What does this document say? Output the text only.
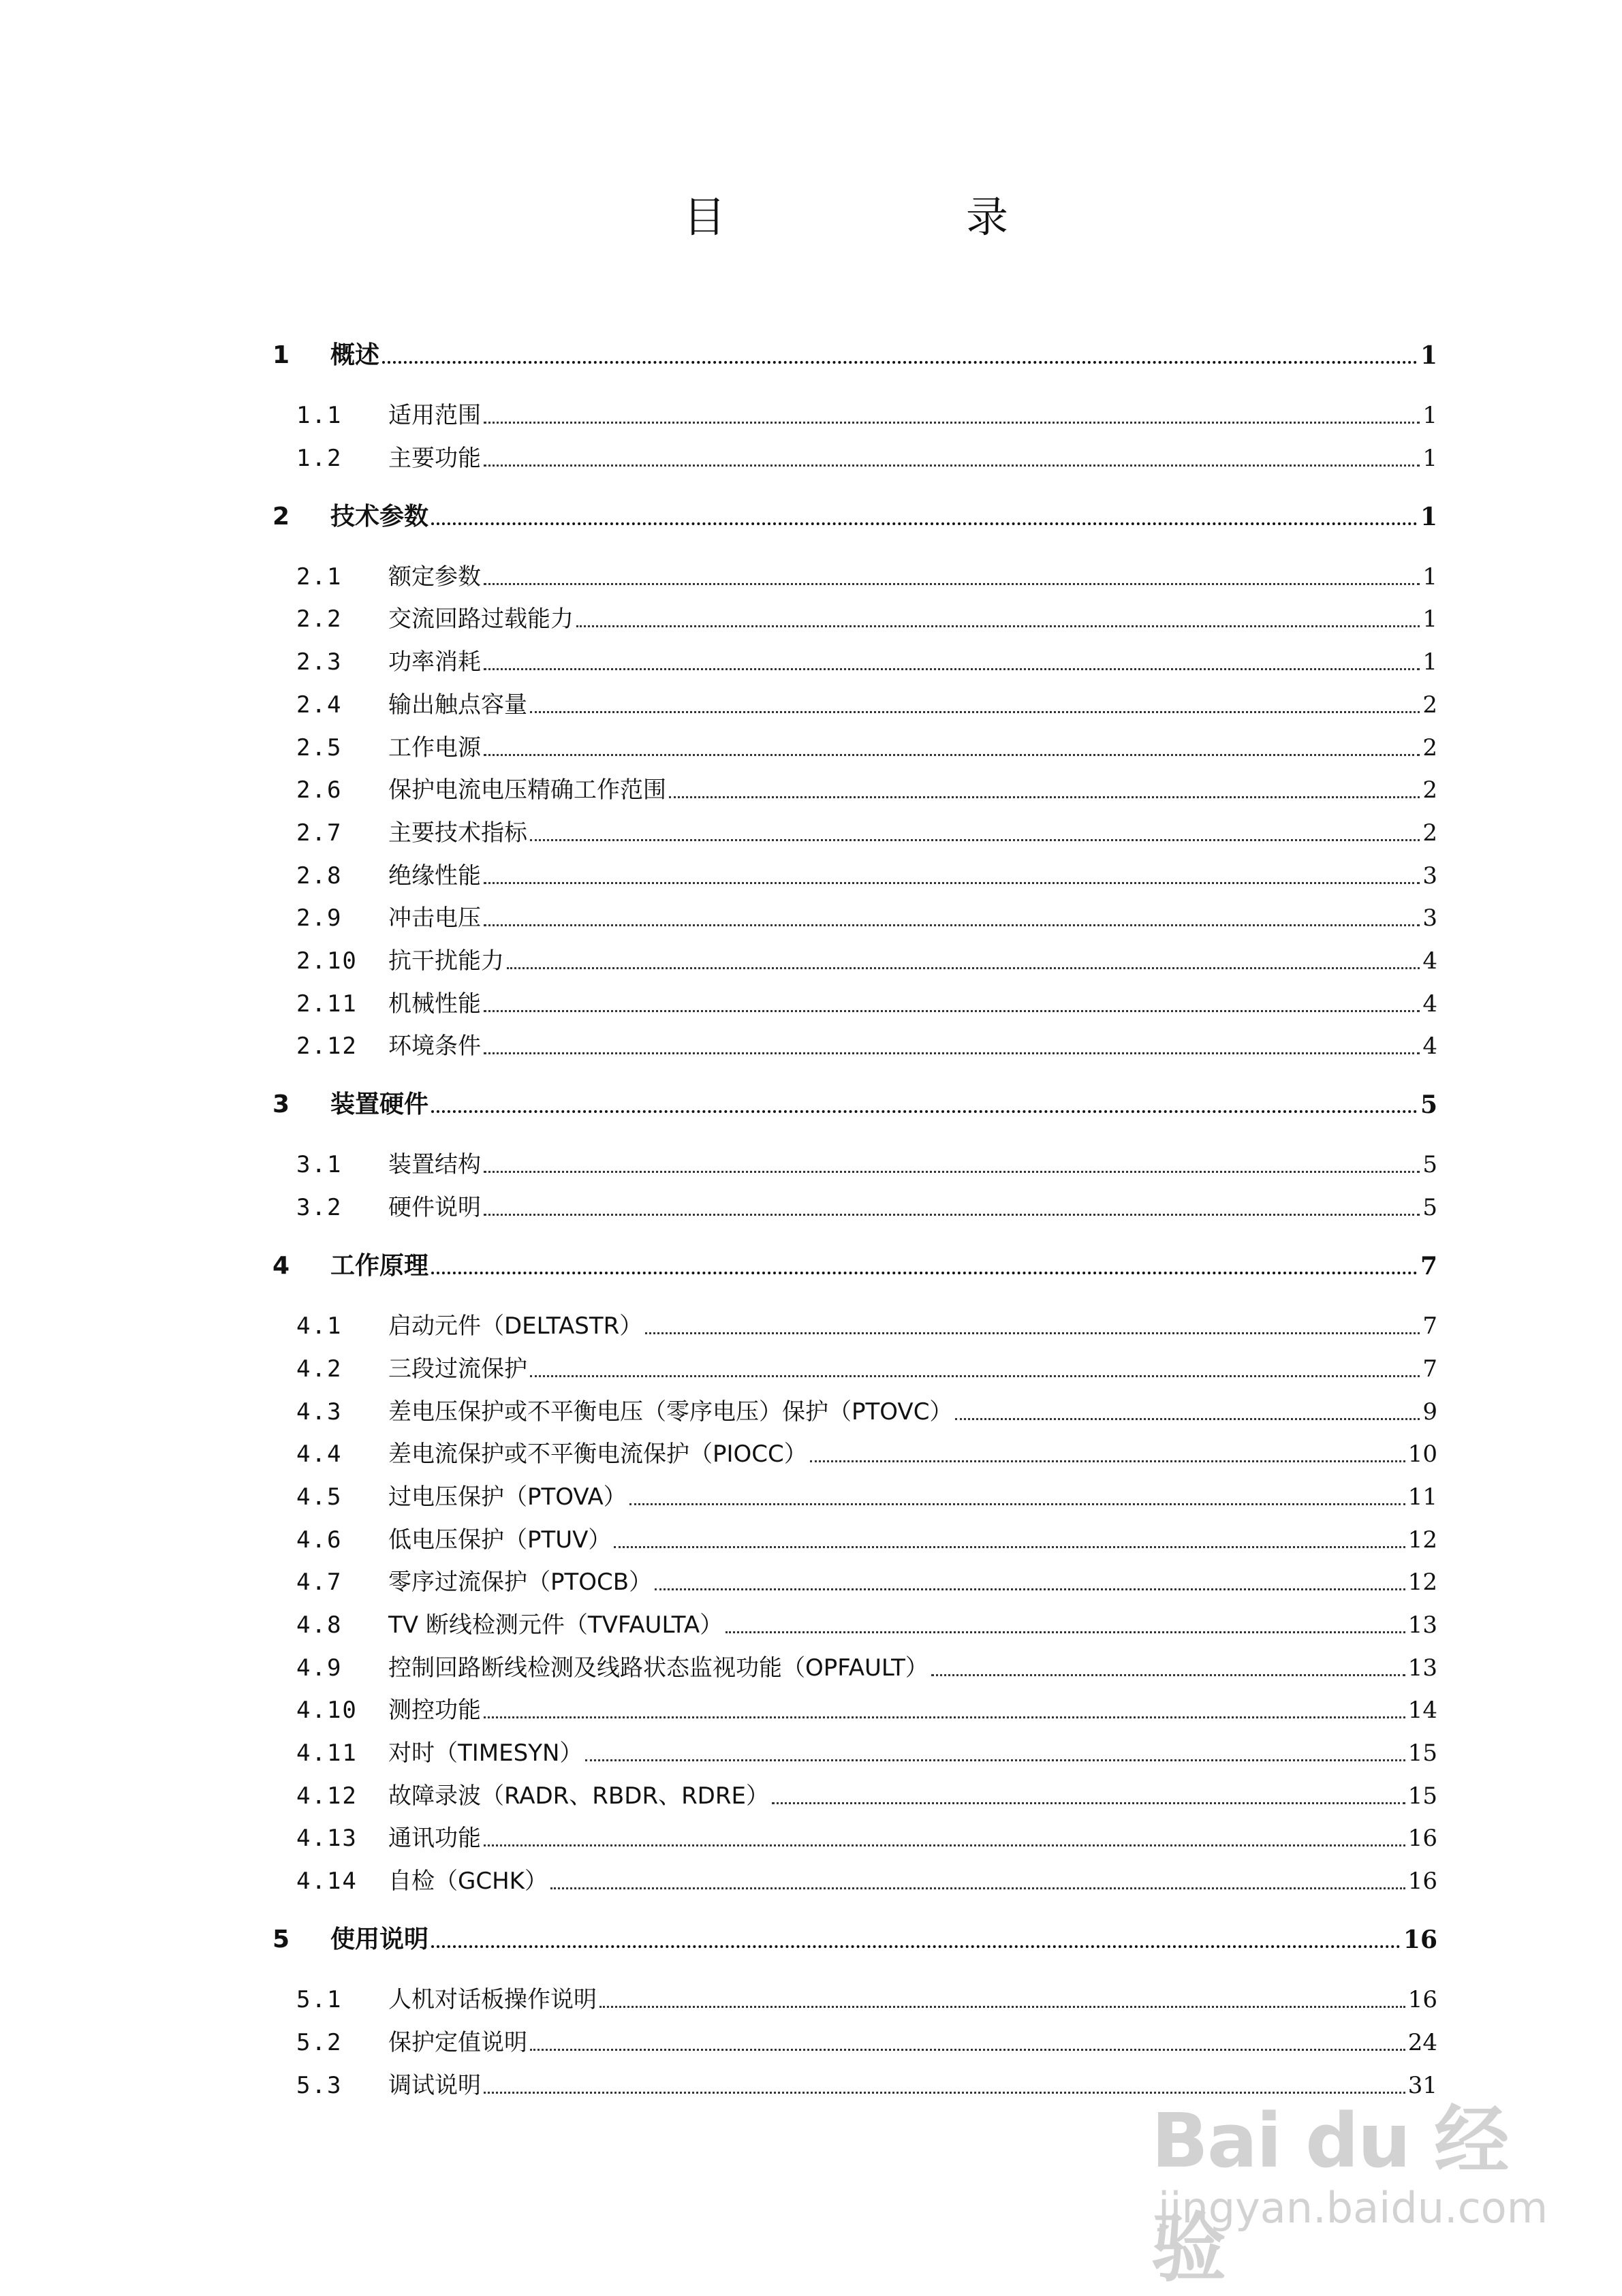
目	录
1	概述	1
1.1	适用范围	1
1.2	主要功能	1
2	技术参数	1
2.1	额定参数	1
2.2	交流回路过载能力	1
2.3	功率消耗	1
2.4	输出触点容量	2
2.5	工作电源	2
2.6	保护电流电压精确工作范围	2
2.7	主要技术指标	2
2.8	绝缘性能	3
2.9	冲击电压	3
2.10	抗干扰能力	4
2.11	机械性能	4
2.12	环境条件	4
3	装置硬件	5
3.1	装置结构	5
3.2	硬件说明	5
4	工作原理	7
4.1	启动元件（DELTASTR）	7
4.2	三段过流保护	7
4.3	差电压保护或不平衡电压（零序电压）保护（PTOVC）	9
4.4	差电流保护或不平衡电流保护（PIOCC）	10
4.5	过电压保护（PTOVA）	11
4.6	低电压保护（PTUV）	12
4.7	零序过流保护（PTOCB）	12
4.8	TV 断线检测元件（TVFAULTA）	13
4.9	控制回路断线检测及线路状态监视功能（OPFAULT）	13
4.10	测控功能	14
4.11	对时（TIMESYN）	15
4.12	故障录波（RADR、RBDR、RDRE）	15
4.13	通讯功能	16
4.14	自检（GCHK）	16
5	使用说明	16
5.1	人机对话板操作说明	16
5.2	保护定值说明	24
5.3	调试说明	31
Bai du 经验
jingyan.baidu.com
